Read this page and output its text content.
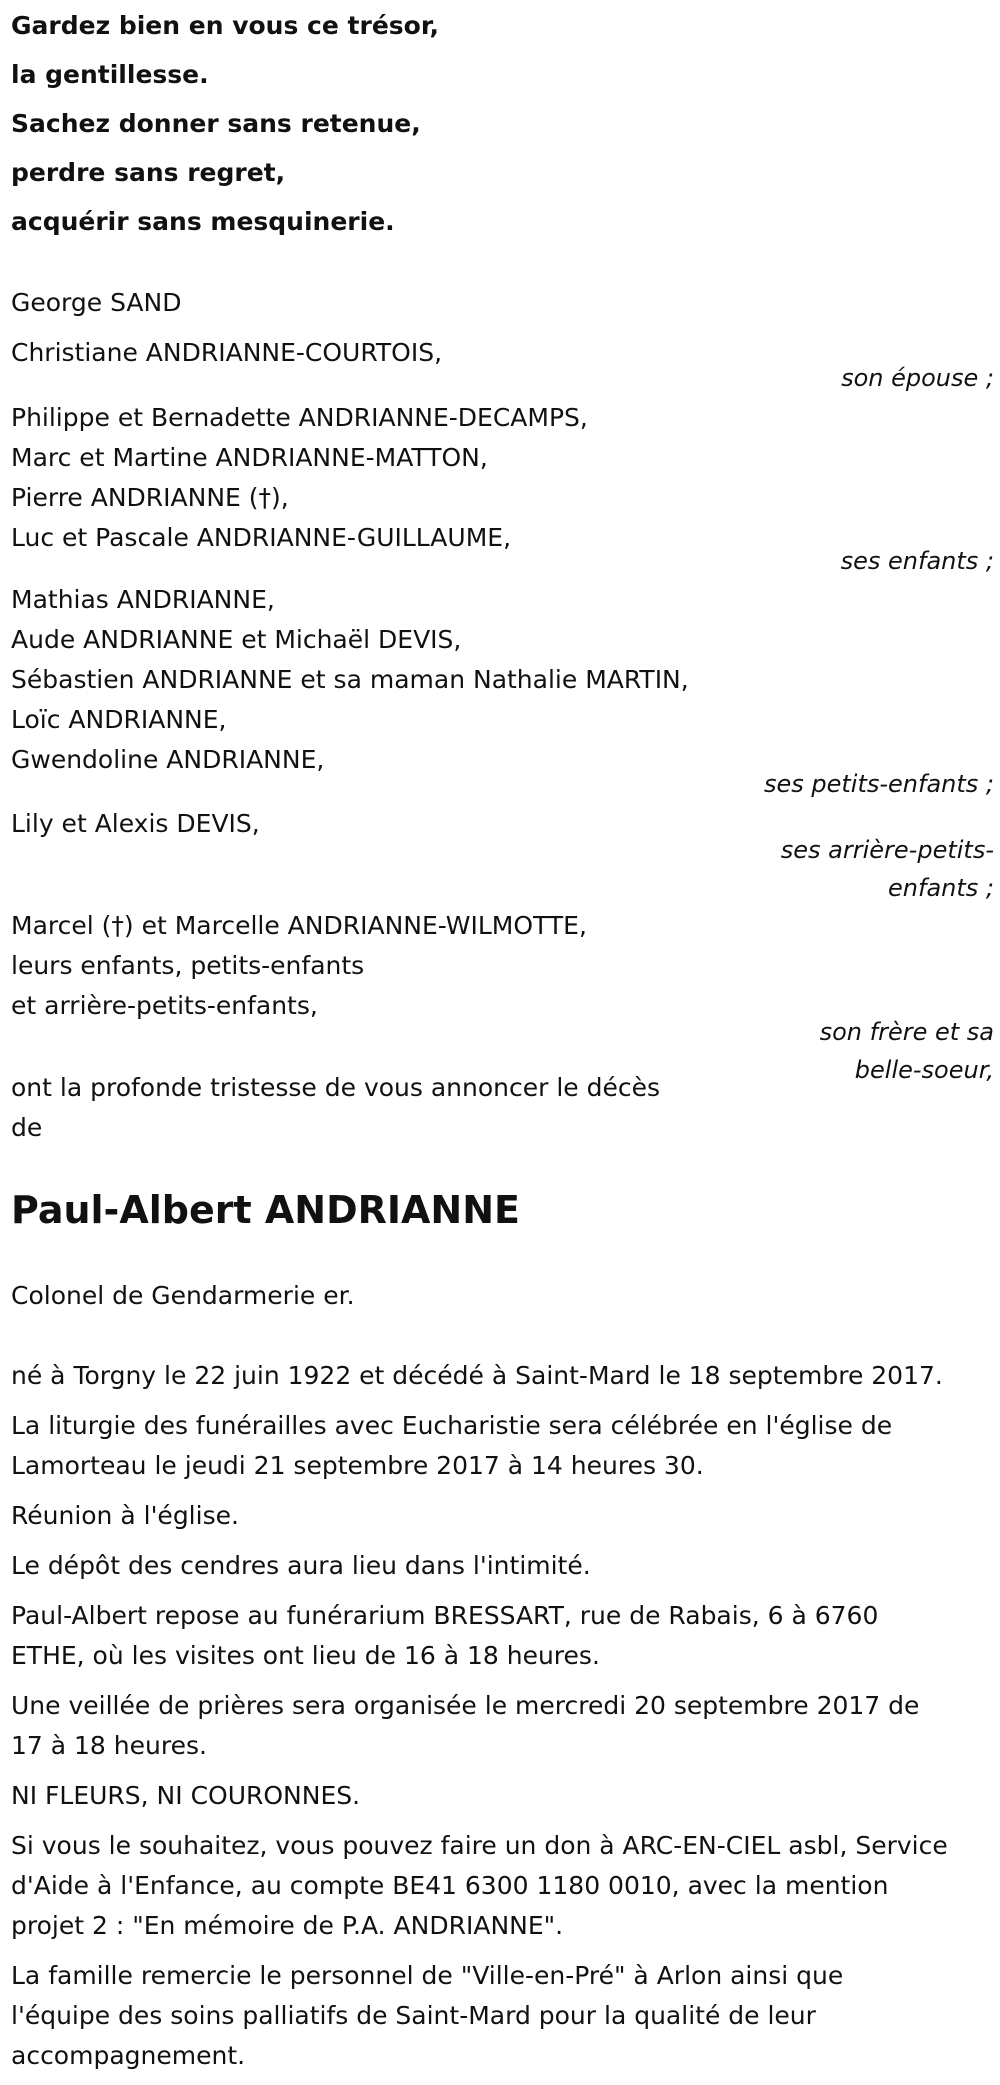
Gardez bien en vous ce trésor,

la gentillesse.

Sachez donner sans retenue,

perdre sans regret,

acquérir sans mesquinerie.

George SAND

Christiane ANDRIANNE-COURTOIS,

son épouse ;

Philippe et Bernadette ANDRIANNE-DECAMPS,

Marc et Martine ANDRIANNE-MATTON,

Pierre ANDRIANNE (†),

Luc et Pascale ANDRIANNE-GUILLAUME,

ses enfants ;

Mathias ANDRIANNE,

Aude ANDRIANNE et Michaël DEVIS,

Sébastien ANDRIANNE et sa maman Nathalie MARTIN,

Loïc ANDRIANNE,

Gwendoline ANDRIANNE,

ses petits-enfants ;

Lily et Alexis DEVIS,

ses arrière-petits-

enfants ;

Marcel (†) et Marcelle ANDRIANNE-WILMOTTE,

leurs enfants, petits-enfants

et arrière-petits-enfants,

son frère et sa

belle-soeur,

ont la profonde tristesse de vous annoncer le décès

de

Paul-Albert ANDRIANNE

Colonel de Gendarmerie er.

né à Torgny le 22 juin 1922 et décédé à Saint-Mard le 18 septembre 2017.

La liturgie des funérailles avec Eucharistie sera célébrée en l'église de

Lamorteau le jeudi 21 septembre 2017 à 14 heures 30.

Réunion à l'église.

Le dépôt des cendres aura lieu dans l'intimité.

Paul-Albert repose au funérarium BRESSART, rue de Rabais, 6 à 6760

ETHE, où les visites ont lieu de 16 à 18 heures.

Une veillée de prières sera organisée le mercredi 20 septembre 2017 de

17 à 18 heures.

NI FLEURS, NI COURONNES.

Si vous le souhaitez, vous pouvez faire un don à ARC-EN-CIEL asbl, Service

d'Aide à l'Enfance, au compte BE41 6300 1180 0010, avec la mention

projet 2 : "En mémoire de P.A. ANDRIANNE".

La famille remercie le personnel de "Ville-en-Pré" à Arlon ainsi que

l'équipe des soins palliatifs de Saint-Mard pour la qualité de leur

accompagnement.
